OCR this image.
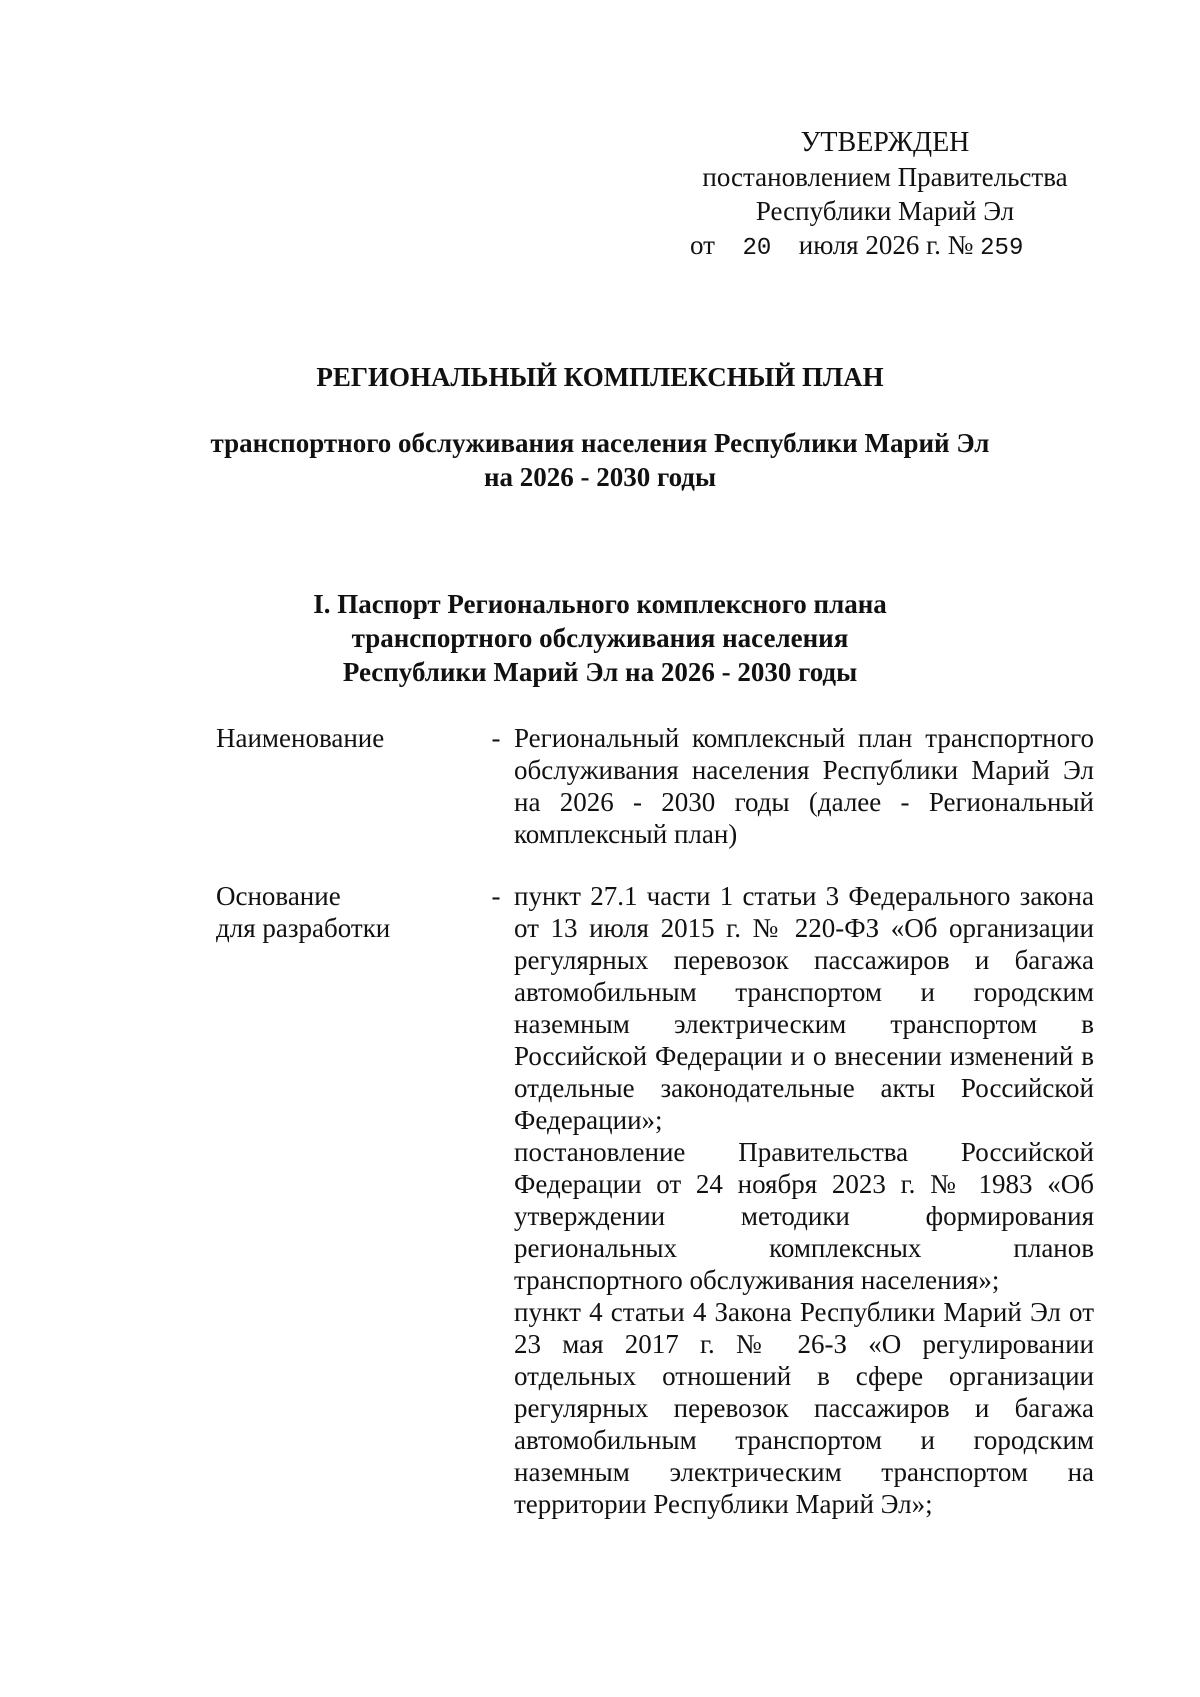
УТВЕРЖДЕН
постановлением Правительства
Республики Марий Эл
от 20 июля 2026 г. № 259
РЕГИОНАЛЬНЫЙ КОМПЛЕКСНЫЙ ПЛАН
транспортного обслуживания населения Республики Марий Эл
на 2026 - 2030 годы
I. Паспорт Регионального комплексного плана
транспортного обслуживания населения
Республики Марий Эл на 2026 - 2030 годы
Наименование	- Региональный комплексный план транспортного обслуживания населения Республики Марий Эл на 2026 - 2030 годы (далее - Региональный комплексный план)

Основание
для разработки
- пункт 27.1 части 1 статьи 3 Федерального закона от 13 июля 2015 г. № 220-ФЗ «Об организации регулярных перевозок пассажиров и багажа автомобильным транспортом и городским наземным электрическим транспортом в Российской Федерации и о внесении изменений в отдельные законодательные акты Российской Федерации»;

постановление Правительства Российской Федерации от 24 ноября 2023 г. № 1983 «Об утверждении методики формирования региональных комплексных планов транспортного обслуживания населения»;

пункт 4 статьи 4 Закона Республики Марий Эл от 23 мая 2017 г. № 26-З «О регулировании отдельных отношений в сфере организации регулярных перевозок пассажиров и багажа автомобильным транспортом и городским наземным электрическим транспортом на территории Республики Марий Эл»;
